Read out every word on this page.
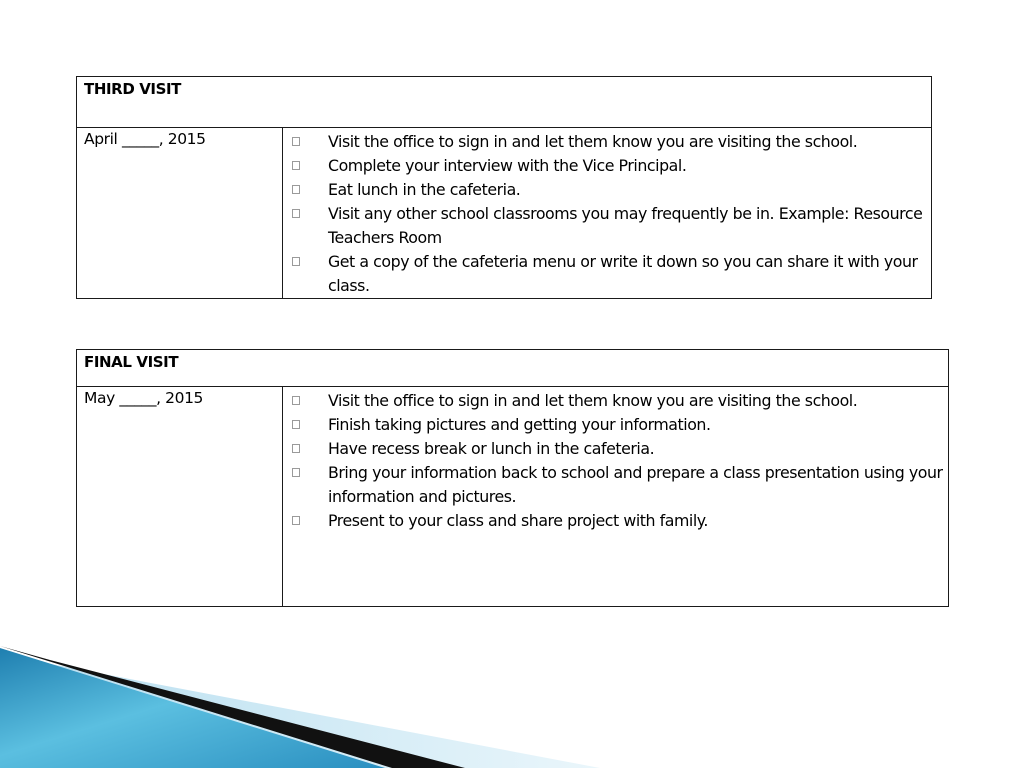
THIRD VISIT

April _____, 2015	Visit the office to sign in and let them know you are visiting the school.
Complete your interview with the Vice Principal.
Eat lunch in the cafeteria.
Visit any other school classrooms you may frequently be in. Example: Resource Teachers Room
Get a copy of the cafeteria menu or write it down so you can share it with your class.
FINAL VISIT

May _____, 2015	Visit the office to sign in and let them know you are visiting the school.
Finish taking pictures and getting your information.
Have recess break or lunch in the cafeteria.
Bring your information back to school and prepare a class presentation using your information and pictures.
Present to your class and share project with family.
